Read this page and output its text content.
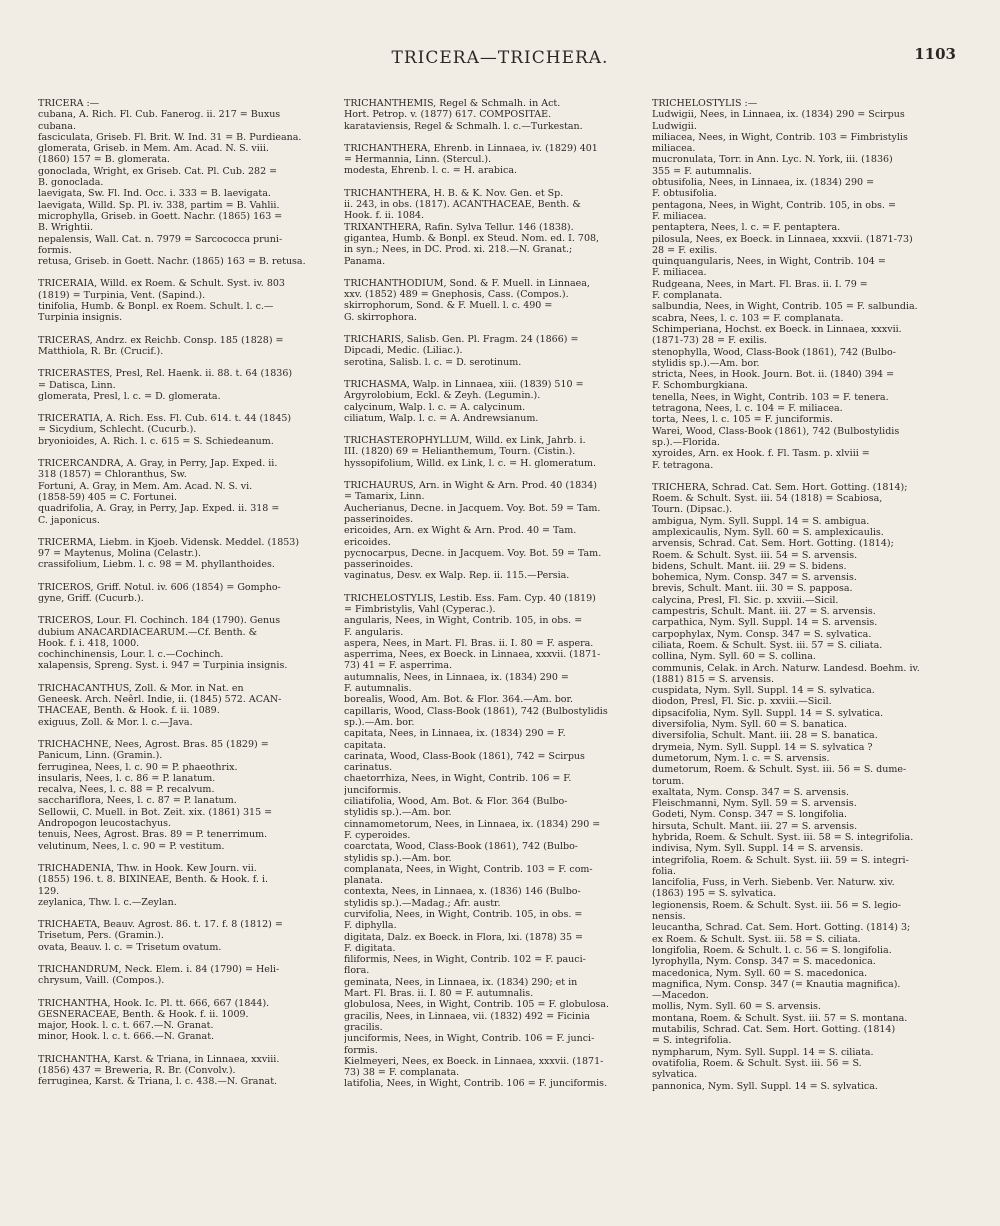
TRICERA—TRICHERA.	1103
TRICERA :—
cubana, A. Rich. Fl. Cub. Fanerog. ii. 217 = Buxus
cubana.
fasciculata, Griseb. Fl. Brit. W. Ind. 31 = B. Purdieana.
glomerata, Griseb. in Mem. Am. Acad. N. S. viii.
(1860) 157 = B. glomerata.
gonoclada, Wright, ex Griseb. Cat. Pl. Cub. 282 =
B. gonoclada.
laevigata, Sw. Fl. Ind. Occ. i. 333 = B. laevigata.
laevigata, Willd. Sp. Pl. iv. 338, partim = B. Vahlii.
microphylla, Griseb. in Goett. Nachr. (1865) 163 =
B. Wrightii.
nepalensis, Wall. Cat. n. 7979 = Sarcococca pruni-
formis.
retusa, Griseb. in Goett. Nachr. (1865) 163 = B. retusa.
TRICERAIA, Willd. ex Roem. & Schult. Syst. iv. 803
(1819) = Turpinia, Vent. (Sapind.).
tinifolia, Humb. & Bonpl. ex Roem. Schult. l. c.—
Turpinia insignis.
TRICERAS, Andrz. ex Reichb. Consp. 185 (1828) =
Matthiola, R. Br. (Crucif.).
TRICERASTES, Presl, Rel. Haenk. ii. 88. t. 64 (1836)
= Datisca, Linn.
glomerata, Presl, l. c. = D. glomerata.
TRICERATIA, A. Rich. Ess. Fl. Cub. 614. t. 44 (1845)
= Sicydium, Schlecht. (Cucurb.).
bryonioides, A. Rich. l. c. 615 = S. Schiedeanum.
TRICERCANDRA, A. Gray, in Perry, Jap. Exped. ii.
318 (1857) = Chloranthus, Sw.
Fortuni, A. Gray, in Mem. Am. Acad. N. S. vi.
(1858-59) 405 = C. Fortunei.
quadrifolia, A. Gray, in Perry, Jap. Exped. ii. 318 =
C. japonicus.
TRICERMA, Liebm. in Kjoeb. Vidensk. Meddel. (1853)
97 = Maytenus, Molina (Celastr.).
crassifolium, Liebm. l. c. 98 = M. phyllanthoides.
TRICEROS, Griff. Notul. iv. 606 (1854) = Gompho-
gyne, Griff. (Cucurb.).
TRICEROS, Lour. Fl. Cochinch. 184 (1790). Genus
dubium ANACARDIACEARUM.—Cf. Benth. &
Hook. f. i. 418, 1000.
cochinchinensis, Lour. l. c.—Cochinch.
xalapensis, Spreng. Syst. i. 947 = Turpinia insignis.
TRICHACANTHUS, Zoll. & Mor. in Nat. en
Geneesk. Arch. Neêrl. Indie, ii. (1845) 572. ACAN-
THACEAE, Benth. & Hook. f. ii. 1089.
exiguus, Zoll. & Mor. l. c.—Java.
TRICHACHNE, Nees, Agrost. Bras. 85 (1829) =
Panicum, Linn. (Gramin.).
ferruginea, Nees, l. c. 90 = P. phaeothrix.
insularis, Nees, l. c. 86 = P. lanatum.
recalva, Nees, l. c. 88 = P. recalvum.
sacchariflora, Nees, l. c. 87 = P. lanatum.
Sellowii, C. Muell. in Bot. Zeit. xix. (1861) 315 =
Andropogon leucostachyus.
tenuis, Nees, Agrost. Bras. 89 = P. tenerrimum.
velutinum, Nees, l. c. 90 = P. vestitum.
TRICHADENIA, Thw. in Hook. Kew Journ. vii.
(1855) 196. t. 8. BIXINEAE, Benth. & Hook. f. i.
129.
zeylanica, Thw. l. c.—Zeylan.
TRICHAETA, Beauv. Agrost. 86. t. 17. f. 8 (1812) =
Trisetum, Pers. (Gramin.).
ovata, Beauv. l. c. = Trisetum ovatum.
TRICHANDRUM, Neck. Elem. i. 84 (1790) = Heli-
chrysum, Vaill. (Compos.).
TRICHANTHA, Hook. Ic. Pl. tt. 666, 667 (1844).
GESNERACEAE, Benth. & Hook. f. ii. 1009.
major, Hook. l. c. t. 667.—N. Granat.
minor, Hook. l. c. t. 666.—N. Granat.
TRICHANTHA, Karst. & Triana, in Linnaea, xxviii.
(1856) 437 = Breweria, R. Br. (Convolv.).
ferruginea, Karst. & Triana, l. c. 438.—N. Granat.
TRICHANTHEMIS, Regel & Schmalh. in Act.
Hort. Petrop. v. (1877) 617. COMPOSITAE.
karataviensis, Regel & Schmalh. l. c.—Turkestan.
TRICHANTHERA, Ehrenb. in Linnaea, iv. (1829) 401
= Hermannia, Linn. (Stercul.).
modesta, Ehrenb. l. c. = H. arabica.
TRICHANTHERA, H. B. & K. Nov. Gen. et Sp.
ii. 243, in obs. (1817). ACANTHACEAE, Benth. &
Hook. f. ii. 1084.
TRIXANTHERA, Rafin. Sylva Tellur. 146 (1838).
gigantea, Humb. & Bonpl. ex Steud. Nom. ed. I. 708,
in syn.; Nees, in DC. Prod. xi. 218.—N. Granat.;
Panama.
TRICHANTHODIUM, Sond. & F. Muell. in Linnaea,
xxv. (1852) 489 = Gnephosis, Cass. (Compos.).
skirrophorum, Sond. & F. Muell. l. c. 490 =
G. skirrophora.
TRICHARIS, Salisb. Gen. Pl. Fragm. 24 (1866) =
Dipcadi, Medic. (Liliac.).
serotina, Salisb. l. c. = D. serotinum.
TRICHASMA, Walp. in Linnaea, xiii. (1839) 510 =
Argyrolobium, Eckl. & Zeyh. (Legumin.).
calycinum, Walp. l. c. = A. calycinum.
ciliatum, Walp. l. c. = A. Andrewsianum.
TRICHASTEROPHYLLUM, Willd. ex Link, Jahrb. i.
III. (1820) 69 = Helianthemum, Tourn. (Cistin.).
hyssopifolium, Willd. ex Link, l. c. = H. glomeratum.
TRICHAURUS, Arn. in Wight & Arn. Prod. 40 (1834)
= Tamarix, Linn.
Aucherianus, Decne. in Jacquem. Voy. Bot. 59 = Tam.
passerinoides.
ericoides, Arn. ex Wight & Arn. Prod. 40 = Tam.
ericoides.
pycnocarpus, Decne. in Jacquem. Voy. Bot. 59 = Tam.
passerinoides.
vaginatus, Desv. ex Walp. Rep. ii. 115.—Persia.
TRICHELOSTYLIS, Lestib. Ess. Fam. Cyp. 40 (1819)
= Fimbristylis, Vahl (Cyperac.).
angularis, Nees, in Wight, Contrib. 105, in obs. =
F. angularis.
aspera, Nees, in Mart. Fl. Bras. ii. I. 80 = F. aspera.
asperrima, Nees, ex Boeck. in Linnaea, xxxvii. (1871-
73) 41 = F. asperrima.
autumnalis, Nees, in Linnaea, ix. (1834) 290 =
F. autumnalis.
borealis, Wood, Am. Bot. & Flor. 364.—Am. bor.
capillaris, Wood, Class-Book (1861), 742 (Bulbostylidis
sp.).—Am. bor.
capitata, Nees, in Linnaea, ix. (1834) 290 = F.
capitata.
carinata, Wood, Class-Book (1861), 742 = Scirpus
carinatus.
chaetorrhiza, Nees, in Wight, Contrib. 106 = F.
junciformis.
ciliatifolia, Wood, Am. Bot. & Flor. 364 (Bulbo-
stylidis sp.).—Am. bor.
cinnamometorum, Nees, in Linnaea, ix. (1834) 290 =
F. cyperoides.
coarctata, Wood, Class-Book (1861), 742 (Bulbo-
stylidis sp.).—Am. bor.
complanata, Nees, in Wight, Contrib. 103 = F. com-
planata.
contexta, Nees, in Linnaea, x. (1836) 146 (Bulbo-
stylidis sp.).—Madag.; Afr. austr.
curvifolia, Nees, in Wight, Contrib. 105, in obs. =
F. diphylla.
digitata, Dalz. ex Boeck. in Flora, lxi. (1878) 35 =
F. digitata.
filiformis, Nees, in Wight, Contrib. 102 = F. pauci-
flora.
geminata, Nees, in Linnaea, ix. (1834) 290; et in
Mart. Fl. Bras. ii. I. 80 = F. autumnalis.
globulosa, Nees, in Wight, Contrib. 105 = F. globulosa.
gracilis, Nees, in Linnaea, vii. (1832) 492 = Ficinia
gracilis.
junciformis, Nees, in Wight, Contrib. 106 = F. junci-
formis.
Kielmeyeri, Nees, ex Boeck. in Linnaea, xxxvii. (1871-
73) 38 = F. complanata.
latifolia, Nees, in Wight, Contrib. 106 = F. junciformis.
TRICHELOSTYLIS :—
Ludwigii, Nees, in Linnaea, ix. (1834) 290 = Scirpus
Ludwigii.
miliacea, Nees, in Wight, Contrib. 103 = Fimbristylis
miliacea.
mucronulata, Torr. in Ann. Lyc. N. York, iii. (1836)
355 = F. autumnalis.
obtusifolia, Nees, in Linnaea, ix. (1834) 290 =
F. obtusifolia.
pentagona, Nees, in Wight, Contrib. 105, in obs. =
F. miliacea.
pentaptera, Nees, l. c. = F. pentaptera.
pilosula, Nees, ex Boeck. in Linnaea, xxxvii. (1871-73)
28 = F. exilis.
quinquangularis, Nees, in Wight, Contrib. 104 =
F. miliacea.
Rudgeana, Nees, in Mart. Fl. Bras. ii. I. 79 =
F. complanata.
salbundia, Nees, in Wight, Contrib. 105 = F. salbundia.
scabra, Nees, l. c. 103 = F. complanata.
Schimperiana, Hochst. ex Boeck. in Linnaea, xxxvii.
(1871-73) 28 = F. exilis.
stenophylla, Wood, Class-Book (1861), 742 (Bulbo-
stylidis sp.).—Am. bor.
stricta, Nees, in Hook. Journ. Bot. ii. (1840) 394 =
F. Schomburgkiana.
tenella, Nees, in Wight, Contrib. 103 = F. tenera.
tetragona, Nees, l. c. 104 = F. miliacea.
torta, Nees, l. c. 105 = F. junciformis.
Warei, Wood, Class-Book (1861), 742 (Bulbostylidis
sp.).—Florida.
xyroides, Arn. ex Hook. f. Fl. Tasm. p. xlviii =
F. tetragona.
TRICHERA, Schrad. Cat. Sem. Hort. Gotting. (1814);
Roem. & Schult. Syst. iii. 54 (1818) = Scabiosa,
Tourn. (Dipsac.).
ambigua, Nym. Syll. Suppl. 14 = S. ambigua.
amplexicaulis, Nym. Syll. 60 = S. amplexicaulis.
arvensis, Schrad. Cat. Sem. Hort. Gotting. (1814);
Roem. & Schult. Syst. iii. 54 = S. arvensis.
bidens, Schult. Mant. iii. 29 = S. bidens.
bohemica, Nym. Consp. 347 = S. arvensis.
brevis, Schult. Mant. iii. 30 = S. papposa.
calycina, Presl, Fl. Sic. p. xxviii.—Sicil.
campestris, Schult. Mant. iii. 27 = S. arvensis.
carpathica, Nym. Syll. Suppl. 14 = S. arvensis.
carpophylax, Nym. Consp. 347 = S. sylvatica.
ciliata, Roem. & Schult. Syst. iii. 57 = S. ciliata.
collina, Nym. Syll. 60 = S. collina.
communis, Čelak. in Arch. Naturw. Landesd. Boehm. iv.
(1881) 815 = S. arvensis.
cuspidata, Nym. Syll. Suppl. 14 = S. sylvatica.
diodon, Presl, Fl. Sic. p. xxviii.—Sicil.
dipsacifolia, Nym. Syll. Suppl. 14 = S. sylvatica.
diversifolia, Nym. Syll. 60 = S. banatica.
diversifolia, Schult. Mant. iii. 28 = S. banatica.
drymeia, Nym. Syll. Suppl. 14 = S. sylvatica ?
dumetorum, Nym. l. c. = S. arvensis.
dumetorum, Roem. & Schult. Syst. iii. 56 = S. dume-
torum.
exaltata, Nym. Consp. 347 = S. arvensis.
Fleischmanni, Nym. Syll. 59 = S. arvensis.
Godeti, Nym. Consp. 347 = S. longifolia.
hirsuta, Schult. Mant. iii. 27 = S. arvensis.
hybrida, Roem. & Schult. Syst. iii. 58 = S. integrifolia.
indivisa, Nym. Syll. Suppl. 14 = S. arvensis.
integrifolia, Roem. & Schult. Syst. iii. 59 = S. integri-
folia.
lancifolia, Fuss, in Verh. Siebenb. Ver. Naturw. xiv.
(1863) 195 = S. sylvatica.
legionensis, Roem. & Schult. Syst. iii. 56 = S. legio-
nensis.
leucantha, Schrad. Cat. Sem. Hort. Gotting. (1814) 3;
ex Roem. & Schult. Syst. iii. 58 = S. ciliata.
longifolia, Roem. & Schult. l. c. 56 = S. longifolia.
lyrophylla, Nym. Consp. 347 = S. macedonica.
macedonica, Nym. Syll. 60 = S. macedonica.
magnifica, Nym. Consp. 347 (= Knautia magnifica).
—Macedon.
mollis, Nym. Syll. 60 = S. arvensis.
montana, Roem. & Schult. Syst. iii. 57 = S. montana.
mutabilis, Schrad. Cat. Sem. Hort. Gotting. (1814)
= S. integrifolia.
nympharum, Nym. Syll. Suppl. 14 = S. ciliata.
ovatifolia, Roem. & Schult. Syst. iii. 56 = S.
sylvatica.
pannonica, Nym. Syll. Suppl. 14 = S. sylvatica.
